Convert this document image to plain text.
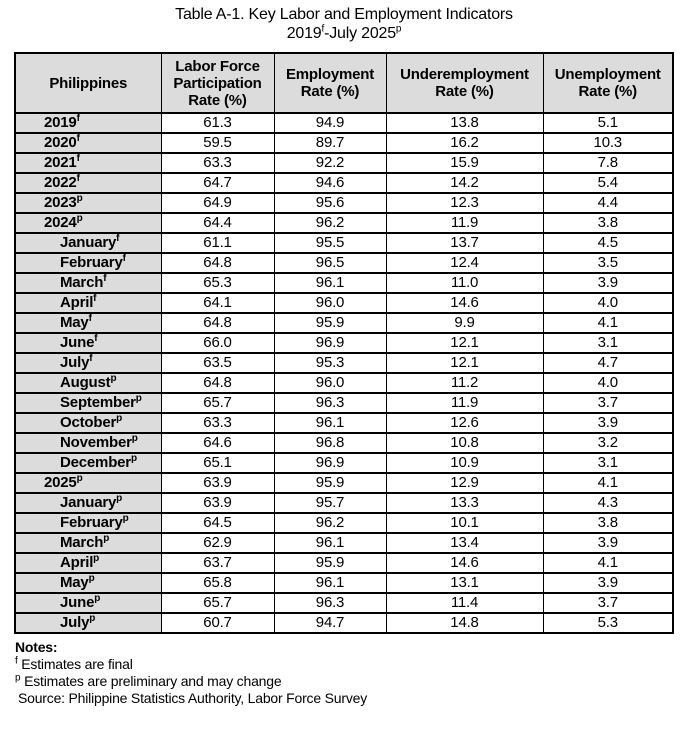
Table A-1. Key Labor and Employment Indicators
2019$^f$-July 2025$^p$
Philippines	Labor Force Participation Rate (%)	Employment Rate (%)	Underemployment Rate (%)	Unemployment Rate (%)
2019$^f$	61.3	94.9	13.8	5.1
2020$^f$	59.5	89.7	16.2	10.3
2021$^f$	63.3	92.2	15.9	7.8
2022$^f$	64.7	94.6	14.2	5.4
2023$^p$	64.9	95.6	12.3	4.4
2024$^p$	64.4	96.2	11.9	3.8
January$^f$	61.1	95.5	13.7	4.5
February$^f$	64.8	96.5	12.4	3.5
March$^f$	65.3	96.1	11.0	3.9
April$^f$	64.1	96.0	14.6	4.0
May$^f$	64.8	95.9	9.9	4.1
June$^f$	66.0	96.9	12.1	3.1
July$^f$	63.5	95.3	12.1	4.7
August$^p$	64.8	96.0	11.2	4.0
September$^p$	65.7	96.3	11.9	3.7
October$^p$	63.3	96.1	12.6	3.9
November$^p$	64.6	96.8	10.8	3.2
December$^p$	65.1	96.9	10.9	3.1
2025$^p$	63.9	95.9	12.9	4.1
January$^p$	63.9	95.7	13.3	4.3
February$^p$	64.5	96.2	10.1	3.8
March$^p$	62.9	96.1	13.4	3.9
April$^p$	63.7	95.9	14.6	4.1
May$^p$	65.8	96.1	13.1	3.9
June$^p$	65.7	96.3	11.4	3.7
July$^p$	60.7	94.7	14.8	5.3
Notes:
$^f$ Estimates are final
$^p$ Estimates are preliminary and may change
Source: Philippine Statistics Authority, Labor Force Survey
